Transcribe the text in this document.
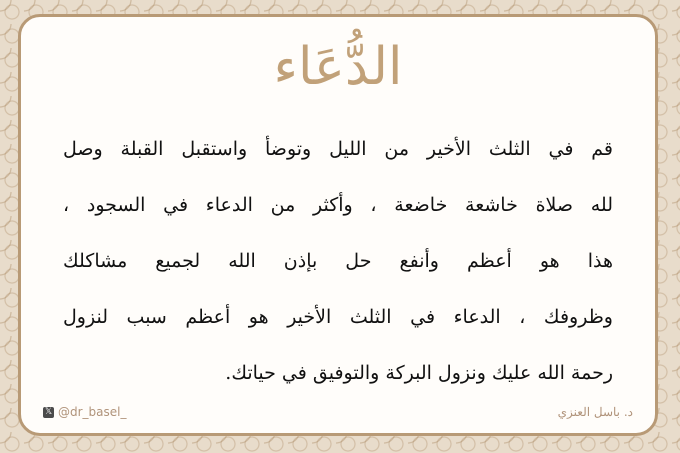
الدُّعَاء
قم في الثلث الأخير من الليل وتوضأ واستقبل القبلة وصل
لله صلاة خاشعة خاضعة ، وأكثر من الدعاء في السجود ،
هذا هو أعظم وأنفع حل بإذن الله لجميع مشاكلك
وظروفك ، الدعاء في الثلث الأخير هو أعظم سبب لنزول
رحمة الله عليك ونزول البركة والتوفيق في حياتك.
𝕏 @dr_basel_	د. باسل العنزي
